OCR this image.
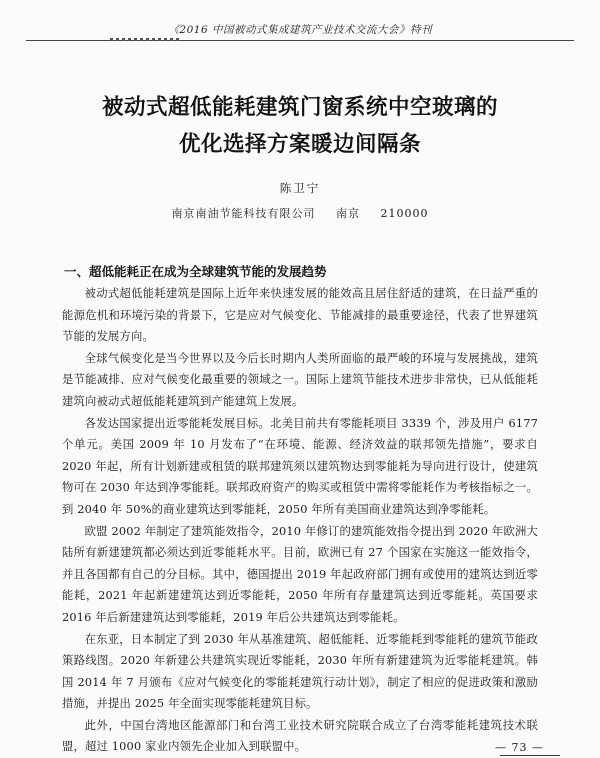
《2016 中国被动式集成建筑产业技术交流大会》特刊
被动式超低能耗建筑门窗系统中空玻璃的
优化选择方案暖边间隔条
陈卫宁
南京南油节能科技有限公司 南京 210000
一、超低能耗正在成为全球建筑节能的发展趋势

被动式超低能耗建筑是国际上近年来快速发展的能效高且居住舒适的建筑，在日益严重的能源危机和环境污染的背景下，它是应对气候变化、节能减排的最重要途径，代表了世界建筑节能的发展方向。

全球气候变化是当今世界以及今后长时期内人类所面临的最严峻的环境与发展挑战，建筑是节能减排、应对气候变化最重要的领域之一。国际上建筑节能技术进步非常快，已从低能耗建筑向被动式超低能耗建筑到产能建筑上发展。

各发达国家提出近零能耗发展目标。北美目前共有零能耗项目 3339 个，涉及用户 6177 个单元。美国 2009 年 10 月发布了“在环境、能源、经济效益的联邦领先措施”，要求自 2020 年起，所有计划新建或租赁的联邦建筑须以建筑物达到零能耗为导向进行设计，使建筑物可在 2030 年达到净零能耗。联邦政府资产的购买或租赁中需将零能耗作为考核指标之一。到 2040 年 50%的商业建筑达到零能耗，2050 年所有美国商业建筑达到净零能耗。

欧盟 2002 年制定了建筑能效指令，2010 年修订的建筑能效指令提出到 2020 年欧洲大陆所有新建建筑都必须达到近零能耗水平。目前，欧洲已有 27 个国家在实施这一能效指令，并且各国都有自己的分目标。其中，德国提出 2019 年起政府部门拥有或使用的建筑达到近零能耗，2021 年起新建建筑达到近零能耗，2050 年所有存量建筑达到近零能耗。英国要求 2016 年后新建建筑达到零能耗，2019 年后公共建筑达到零能耗。

在东亚，日本制定了到 2030 年从基准建筑、超低能耗、近零能耗到零能耗的建筑节能政策路线图。2020 年新建公共建筑实现近零能耗，2030 年所有新建建筑为近零能耗建筑。韩国 2014 年 7 月颁布《应对气候变化的零能耗建筑行动计划》，制定了相应的促进政策和激励措施，并提出 2025 年全面实现零能耗建筑目标。

此外，中国台湾地区能源部门和台湾工业技术研究院联合成立了台湾零能耗建筑技术联盟，超过 1000 家业内领先企业加入到联盟中。	— 73 —
